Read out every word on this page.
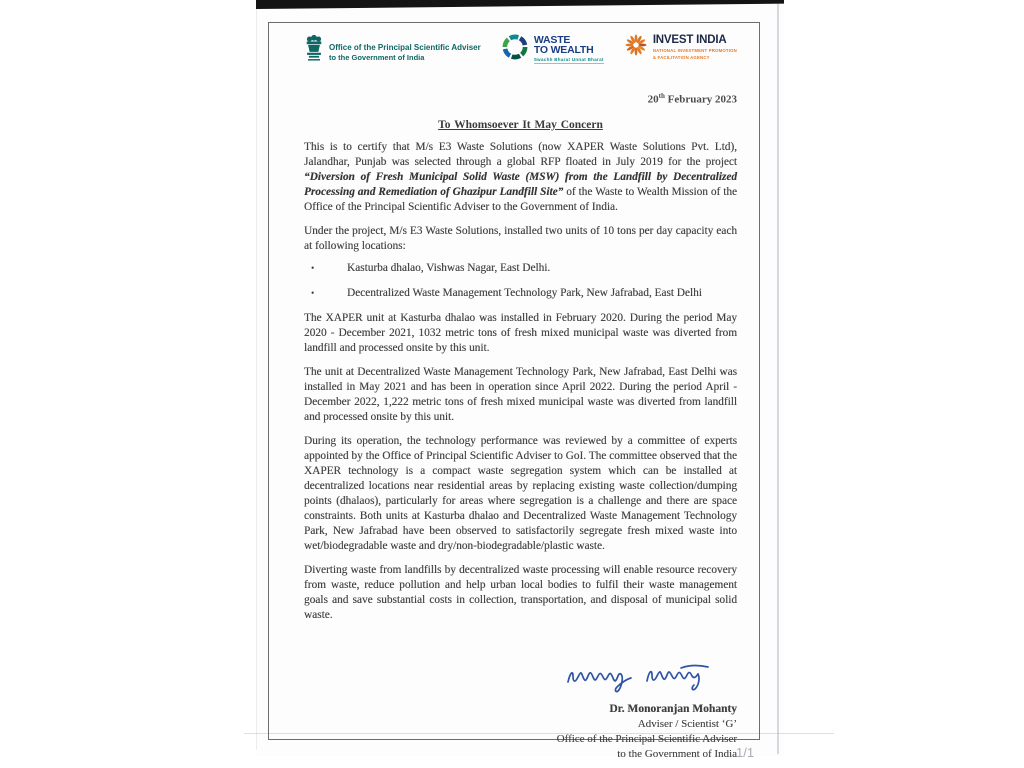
Office of the Principal Scientific Adviser
to the Government of India
WASTE
TO WEALTH
Swachh Bharat Unnat Bharat
INVEST INDIA
NATIONAL INVESTMENT PROMOTION
& FACILITATION AGENCY
20th February 2023
To Whomsoever It May Concern
This is to certify that M/s E3 Waste Solutions (now XAPER Waste Solutions Pvt. Ltd), Jalandhar, Punjab was selected through a global RFP floated in July 2019 for the project “Diversion of Fresh Municipal Solid Waste (MSW) from the Landfill by Decentralized Processing and Remediation of Ghazipur Landfill Site” of the Waste to Wealth Mission of the Office of the Principal Scientific Adviser to the Government of India.
Under the project, M/s E3 Waste Solutions, installed two units of 10 tons per day capacity each at following locations:
•	Kasturba dhalao, Vishwas Nagar, East Delhi.
•	Decentralized Waste Management Technology Park, New Jafrabad, East Delhi
The XAPER unit at Kasturba dhalao was installed in February 2020. During the period May 2020 - December 2021, 1032 metric tons of fresh mixed municipal waste was diverted from landfill and processed onsite by this unit.
The unit at Decentralized Waste Management Technology Park, New Jafrabad, East Delhi was installed in May 2021 and has been in operation since April 2022. During the period April - December 2022, 1,222 metric tons of fresh mixed municipal waste was diverted from landfill and processed onsite by this unit.
During its operation, the technology performance was reviewed by a committee of experts appointed by the Office of Principal Scientific Adviser to GoI. The committee observed that the XAPER technology is a compact waste segregation system which can be installed at decentralized locations near residential areas by replacing existing waste collection/dumping points (dhalaos), particularly for areas where segregation is a challenge and there are space constraints. Both units at Kasturba dhalao and Decentralized Waste Management Technology Park, New Jafrabad have been observed to satisfactorily segregate fresh mixed waste into wet/biodegradable waste and dry/non-biodegradable/plastic waste.
Diverting waste from landfills by decentralized waste processing will enable resource recovery from waste, reduce pollution and help urban local bodies to fulfil their waste management goals and save substantial costs in collection, transportation, and disposal of municipal solid waste.
Dr. Monoranjan Mohanty
Adviser / Scientist ‘G’
Office of the Principal Scientific Adviser
to the Government of India 1/1
